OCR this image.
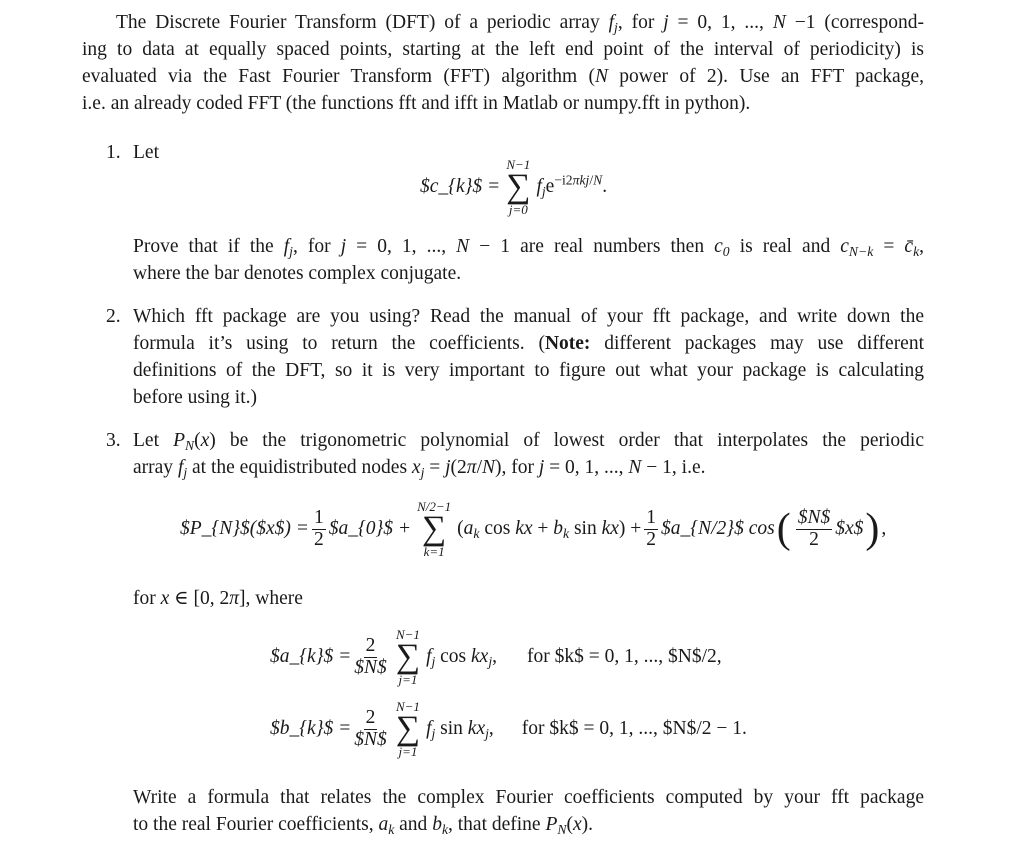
The Discrete Fourier Transform (DFT) of a periodic array $f_j$, for j = 0, 1, ..., N −1 (correspond-
ing to data at equally spaced points, starting at the left end point of the interval of periodicity) is
evaluated via the Fast Fourier Transform (FFT) algorithm (N power of 2). Use an FFT package,
i.e. an already coded FFT (the functions fft and ifft in Matlab or numpy.fft in python).
1. Let
$c_{k}$ =
N−1
∑
j=0
$f_je^{-i2\pi kj/N}$.
Prove that if the $f_j$, for j = 0, 1, ..., N − 1 are real numbers then $c_0$ is real and $c_{N-k}$ = $c̄_k$,
where the bar denotes complex conjugate.
2. Which fft package are you using? Read the manual of your fft package, and write down the
formula it’s using to return the coefficients. (Note: different packages may use different
definitions of the DFT, so it is very important to figure out what your package is calculating
before using it.)
3. Let $P_N(x)$ be the trigonometric polynomial of lowest order that interpolates the periodic
array $f_j$ at the equidistributed nodes $x_j = j(2\pi/N)$, for j = 0, 1, ..., N − 1, i.e.
$P_{N}$($x$) = $\frac{1}{2}$ $a_{0}$ +
N/2−1
∑
k=1
($a_k$ cos kx + $b_k$ $\sin kx) + \frac{1}{2}$ $a_{N/2}$ cos ( $\frac{\$N\$}{2}$ $x$ ) ,
for x ∈ [0, 2π], where
$a_{k}$ = $\frac{2}{\$N\$}$
N−1
∑
j=1
$f_j$ $\cos kx_j$, for $k$ = 0, 1, ..., $N$/2,
$b_{k}$ = $\frac{2}{\$N\$}$
N−1
∑
j=1
$f_j$ $\sin kx_j$, for $k$ = 0, 1, ..., $N$/2 − 1.
Write a formula that relates the complex Fourier coefficients computed by your fft package
to the real Fourier coefficients, $a_k$ and $b_k$, that define $P_N(x)$.
